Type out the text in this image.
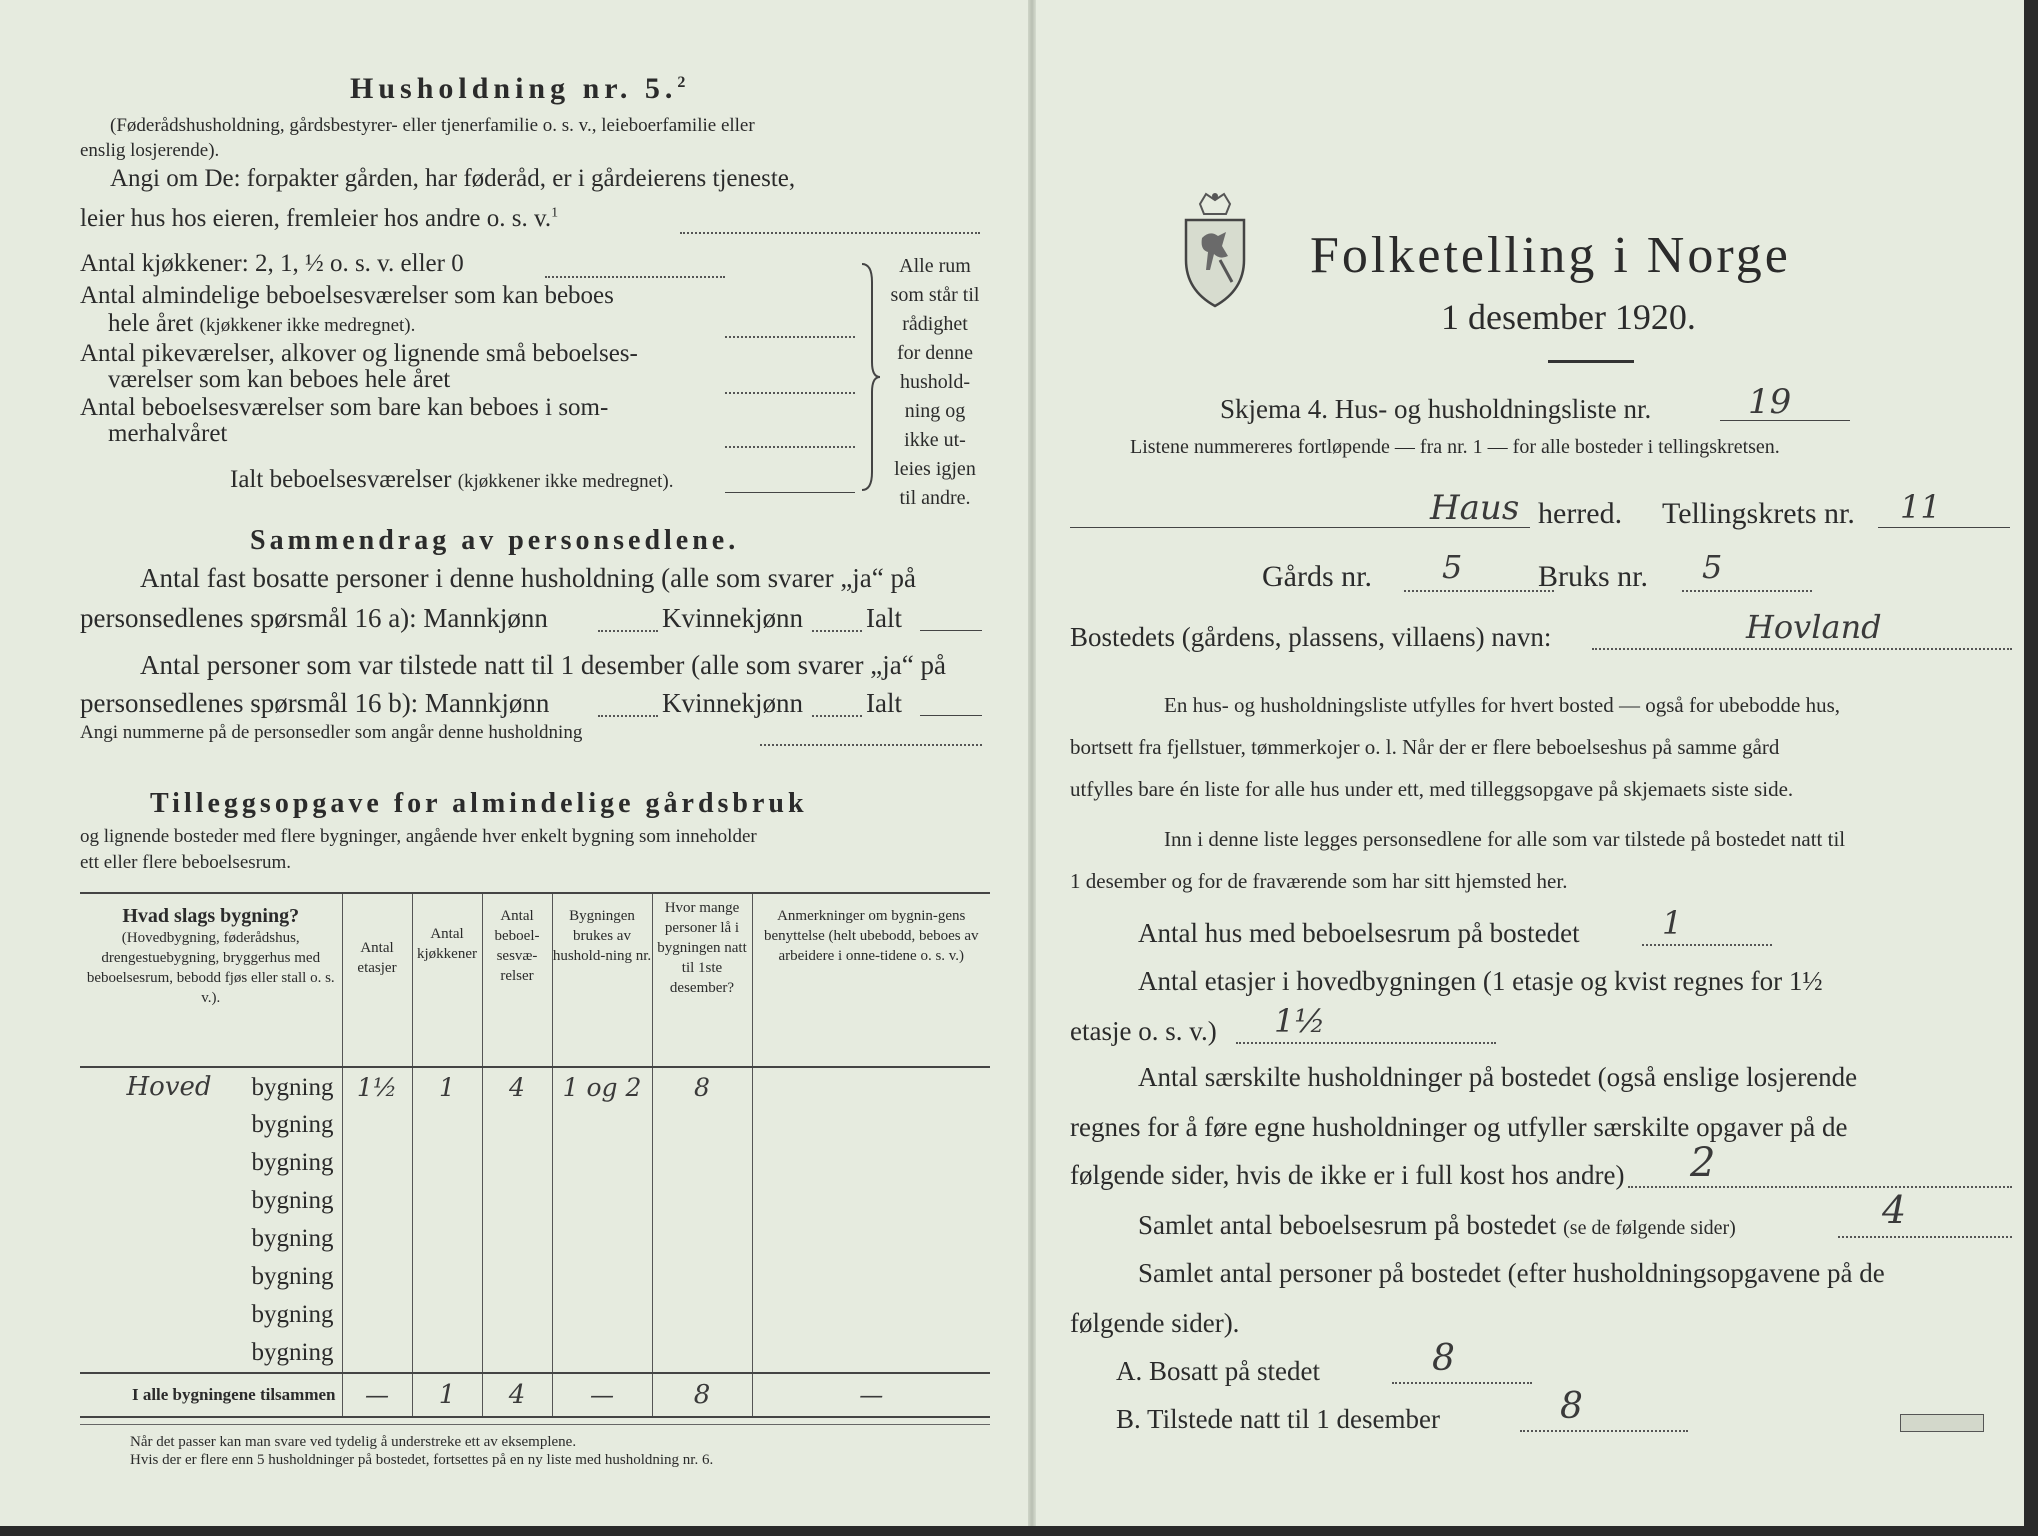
Husholdning nr. 5.$^2$
(Føderådshusholdning, gårdsbestyrer- eller tjenerfamilie o. s. v., leieboerfamilie eller
enslig losjerende).
Angi om De: forpakter gården, har føderåd, er i gårdeierens tjeneste,
leier hus hos eieren, fremleier hos andre o. s. v.$^1$
Antal kjøkkener: 2, 1, ½ o. s. v. eller 0
Antal almindelige beboelsesværelser som kan beboes
hele året (kjøkkener ikke medregnet).
Antal pikeværelser, alkover og lignende små beboelses-
værelser som kan beboes hele året
Antal beboelsesværelser som bare kan beboes i som-
merhalvåret
Ialt beboelsesværelser (kjøkkener ikke medregnet).
Alle rum
som står til
rådighet
for denne
hushold-
ning og
ikke ut-
leies igjen
til andre.
Sammendrag av personsedlene.
Antal fast bosatte personer i denne husholdning (alle som svarer „ja“ på
personsedlenes spørsmål 16 a): Mannkjønn	Kvinnekjønn Ialt
Antal personer som var tilstede natt til 1 desember (alle som svarer „ja“ på
personsedlenes spørsmål 16 b): Mannkjønn	Kvinnekjønn Ialt
Angi nummerne på de personsedler som angår denne husholdning
Tilleggsopgave for almindelige gårdsbruk
og lignende bosteder med flere bygninger, angående hver enkelt bygning som inneholder
ett eller flere beboelsesrum.
Hvad slags bygning?
(Hovedbygning, føderådshus, drengestuebygning, bryggerhus med beboelsesrum, bebodd fjøs eller stall o. s. v.).	Antal etasjer	Antal kjøkkener	Antal beboel-sesvæ-relser	Bygningen brukes av hushold-ning nr.	Hvor mange personer lå i bygningen natt til 1ste desember?	Anmerkninger om bygnin-gens benyttelse (helt ubebodd, beboes av arbeidere i onne-tidene o. s. v.)
Hoved bygning	1½	1	4	1 og 2	8	
bygning						
bygning						
bygning						
bygning						
bygning						
bygning						
bygning						
I alle bygningene tilsammen	—	1	4	—	8	—
Når det passer kan man svare ved tydelig å understreke ett av eksemplene.
Hvis der er flere enn 5 husholdninger på bostedet, fortsettes på en ny liste med husholdning nr. 6.
Folketelling i Norge
1 desember 1920.
Skjema 4. Hus- og husholdningsliste nr.	19
Listene nummereres fortløpende — fra nr. 1 — for alle bosteder i tellingskretsen.
Haus herred. Tellingskrets nr. 11
Gårds nr. 5	Bruks nr. 5
Bostedets (gårdens, plassens, villaens) navn:	Hovland
En hus- og husholdningsliste utfylles for hvert bosted — også for ubebodde hus,
bortsett fra fjellstuer, tømmerkojer o. l. Når der er flere beboelseshus på samme gård
utfylles bare én liste for alle hus under ett, med tilleggsopgave på skjemaets siste side.
Inn i denne liste legges personsedlene for alle som var tilstede på bostedet natt til
1 desember og for de fraværende som har sitt hjemsted her.
Antal hus med beboelsesrum på bostedet	1
Antal etasjer i hovedbygningen (1 etasje og kvist regnes for 1½
etasje o. s. v.) 1½
Antal særskilte husholdninger på bostedet (også enslige losjerende
regnes for å føre egne husholdninger og utfyller særskilte opgaver på de
følgende sider, hvis de ikke er i full kost hos andre) 2
Samlet antal beboelsesrum på bostedet (se de følgende sider)	4
Samlet antal personer på bostedet (efter husholdningsopgavene på de
følgende sider).
A. Bosatt på stedet	8
B. Tilstede natt til 1 desember	8
